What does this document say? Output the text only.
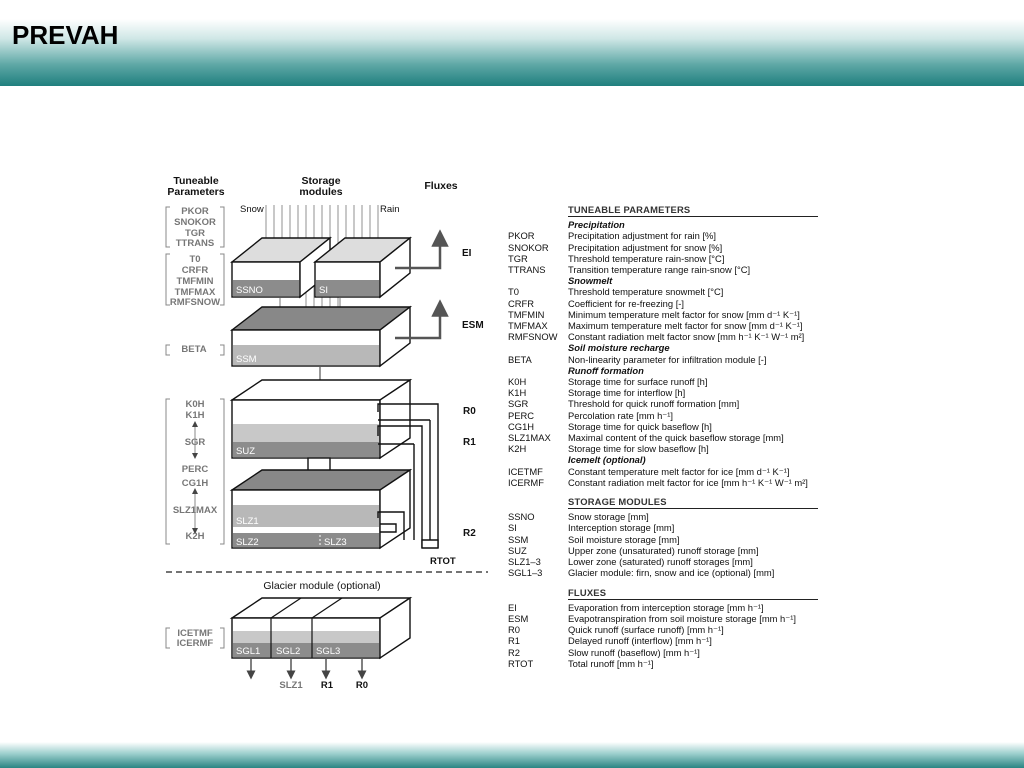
PREVAH
Tuneable
Parameters
Storage
modules	Fluxes
PKOR
SNOKOR
TGR
TTRANS
T0
CRFR
TMFMIN
TMFMAX
RMFSNOW
BETA
K0H
K1H
SGR
PERC
CG1H
SLZ1MAX
K2H
ICETMF
ICERMF
Snow	Rain
SSNO	SI
EI
SSM
ESM
SUZ
SLZ1
SLZ2	SLZ3
R0
R1
R2
RTOT
Glacier module (optional)
SGL1 SGL2 SGL3
SLZ1 R1 R0
TUNEABLE PARAMETERS
Precipitation
PKOR	Precipitation adjustment for rain [%]
SNOKOR	Precipitation adjustment for snow [%]
TGR	Threshold temperature rain-snow [°C]
TTRANS	Transition temperature range rain-snow [°C]
Snowmelt
T0	Threshold temperature snowmelt [°C]
CRFR	Coefficient for re-freezing [-]
TMFMIN	Minimum temperature melt factor for snow [mm d⁻¹ K⁻¹]
TMFMAX	Maximum temperature melt factor for snow [mm d⁻¹ K⁻¹]
RMFSNOW	Constant radiation melt factor snow [mm h⁻¹ K⁻¹ W⁻¹ m²]
Soil moisture recharge
BETA	Non-linearity parameter for infiltration module [-]
Runoff formation
K0H	Storage time for surface runoff [h]
K1H	Storage time for interflow [h]
SGR	Threshold for quick runoff formation [mm]
PERC	Percolation rate [mm h⁻¹]
CG1H	Storage time for quick baseflow [h]
SLZ1MAX	Maximal content of the quick baseflow storage [mm]
K2H	Storage time for slow baseflow [h]
Icemelt (optional)
ICETMF	Constant temperature melt factor for ice [mm d⁻¹ K⁻¹]
ICERMF	Constant radiation melt factor for ice [mm h⁻¹ K⁻¹ W⁻¹ m²]
STORAGE MODULES
SSNO	Snow storage [mm]
SI	Interception storage [mm]
SSM	Soil moisture storage [mm]
SUZ	Upper zone (unsaturated) runoff storage [mm]
SLZ1–3	Lower zone (saturated) runoff storages [mm]
SGL1–3	Glacier module: firn, snow and ice (optional) [mm]
FLUXES
EI	Evaporation from interception storage [mm h⁻¹]
ESM	Evapotranspiration from soil moisture storage [mm h⁻¹]
R0	Quick runoff (surface runoff) [mm h⁻¹]
R1	Delayed runoff (interflow) [mm h⁻¹]
R2	Slow runoff (baseflow) [mm h⁻¹]
RTOT	Total runoff [mm h⁻¹]
